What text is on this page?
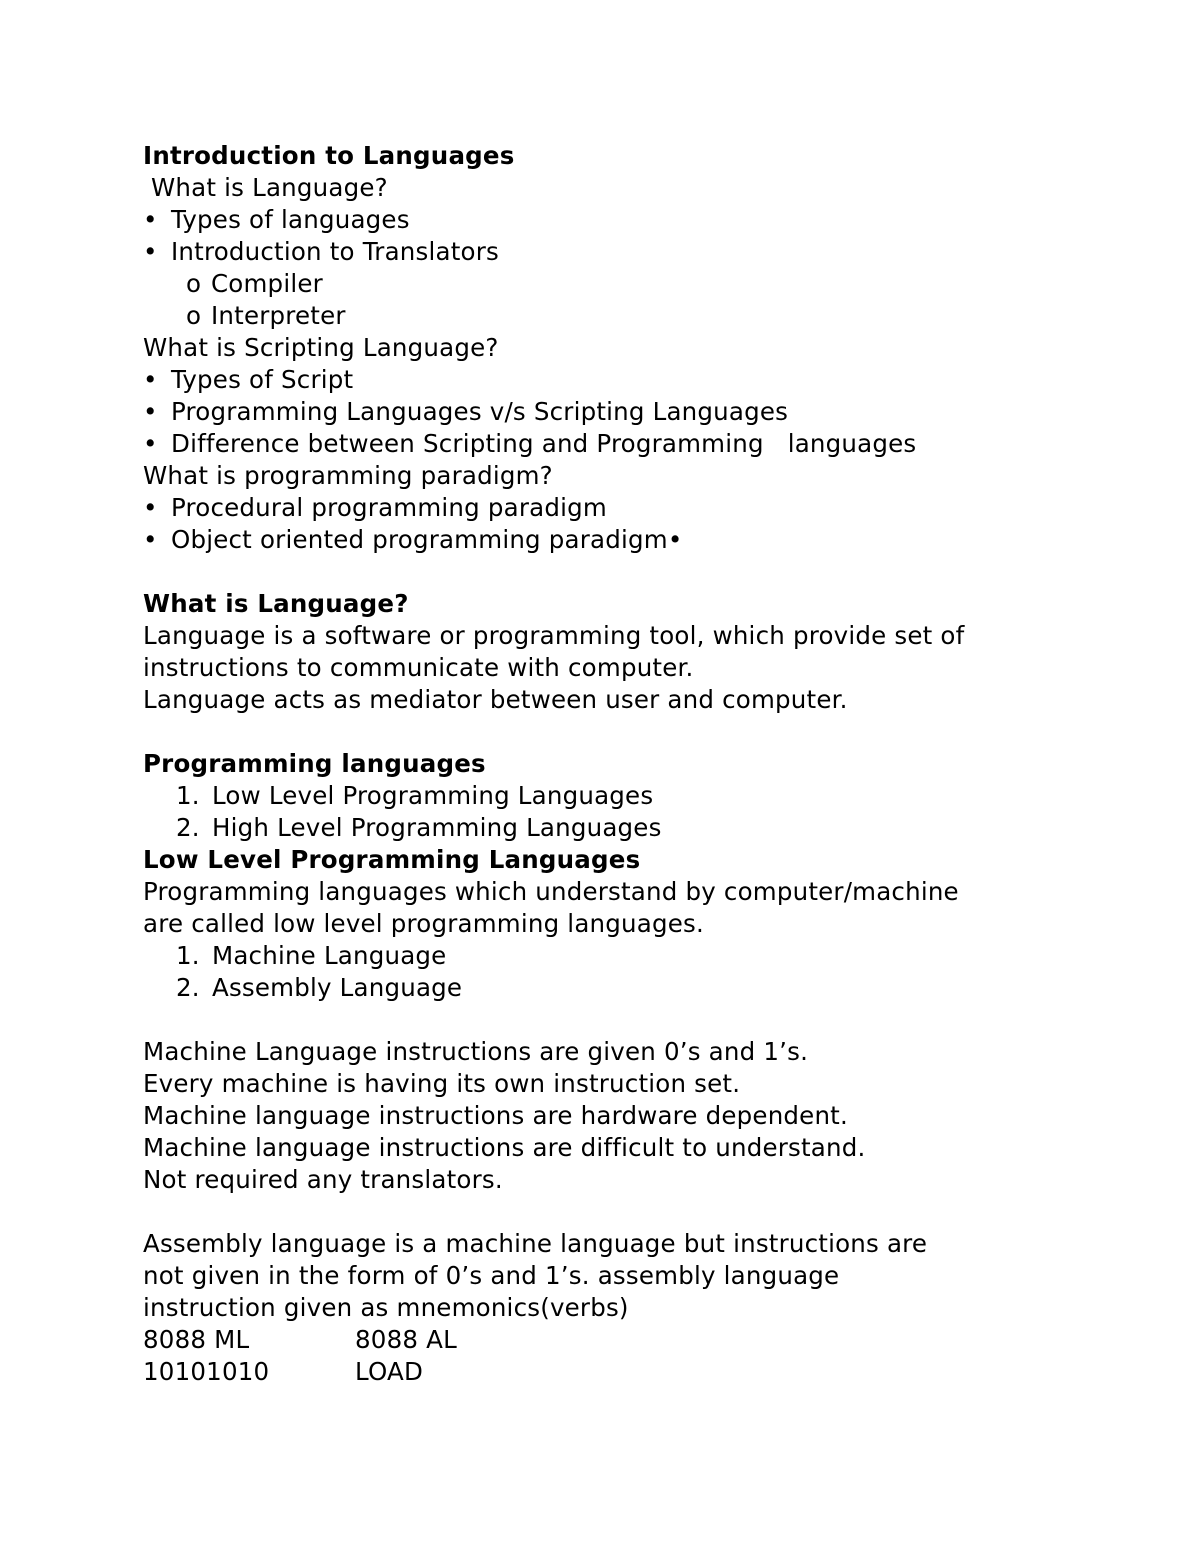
Introduction to Languages
What is Language?
• Types of languages
• Introduction to Translators
o Compiler
o Interpreter
What is Scripting Language?
• Types of Script
• Programming Languages v/s Scripting Languages
• Difference between Scripting and Programming   languages
What is programming paradigm?
• Procedural programming paradigm
• Object oriented programming paradigm•
What is Language?
Language is a software or programming tool, which provide set of
instructions to communicate with computer.
Language acts as mediator between user and computer.
Programming languages
1. Low Level Programming Languages
2. High Level Programming Languages
Low Level Programming Languages
Programming languages which understand by computer/machine
are called low level programming languages.
1. Machine Language
2. Assembly Language
Machine Language instructions are given 0’s and 1’s.
Every machine is having its own instruction set.
Machine language instructions are hardware dependent.
Machine language instructions are difficult to understand.
Not required any translators.
Assembly language is a machine language but instructions are
not given in the form of 0’s and 1’s. assembly language
instruction given as mnemonics(verbs)
8088 ML	8088 AL
10101010	LOAD
